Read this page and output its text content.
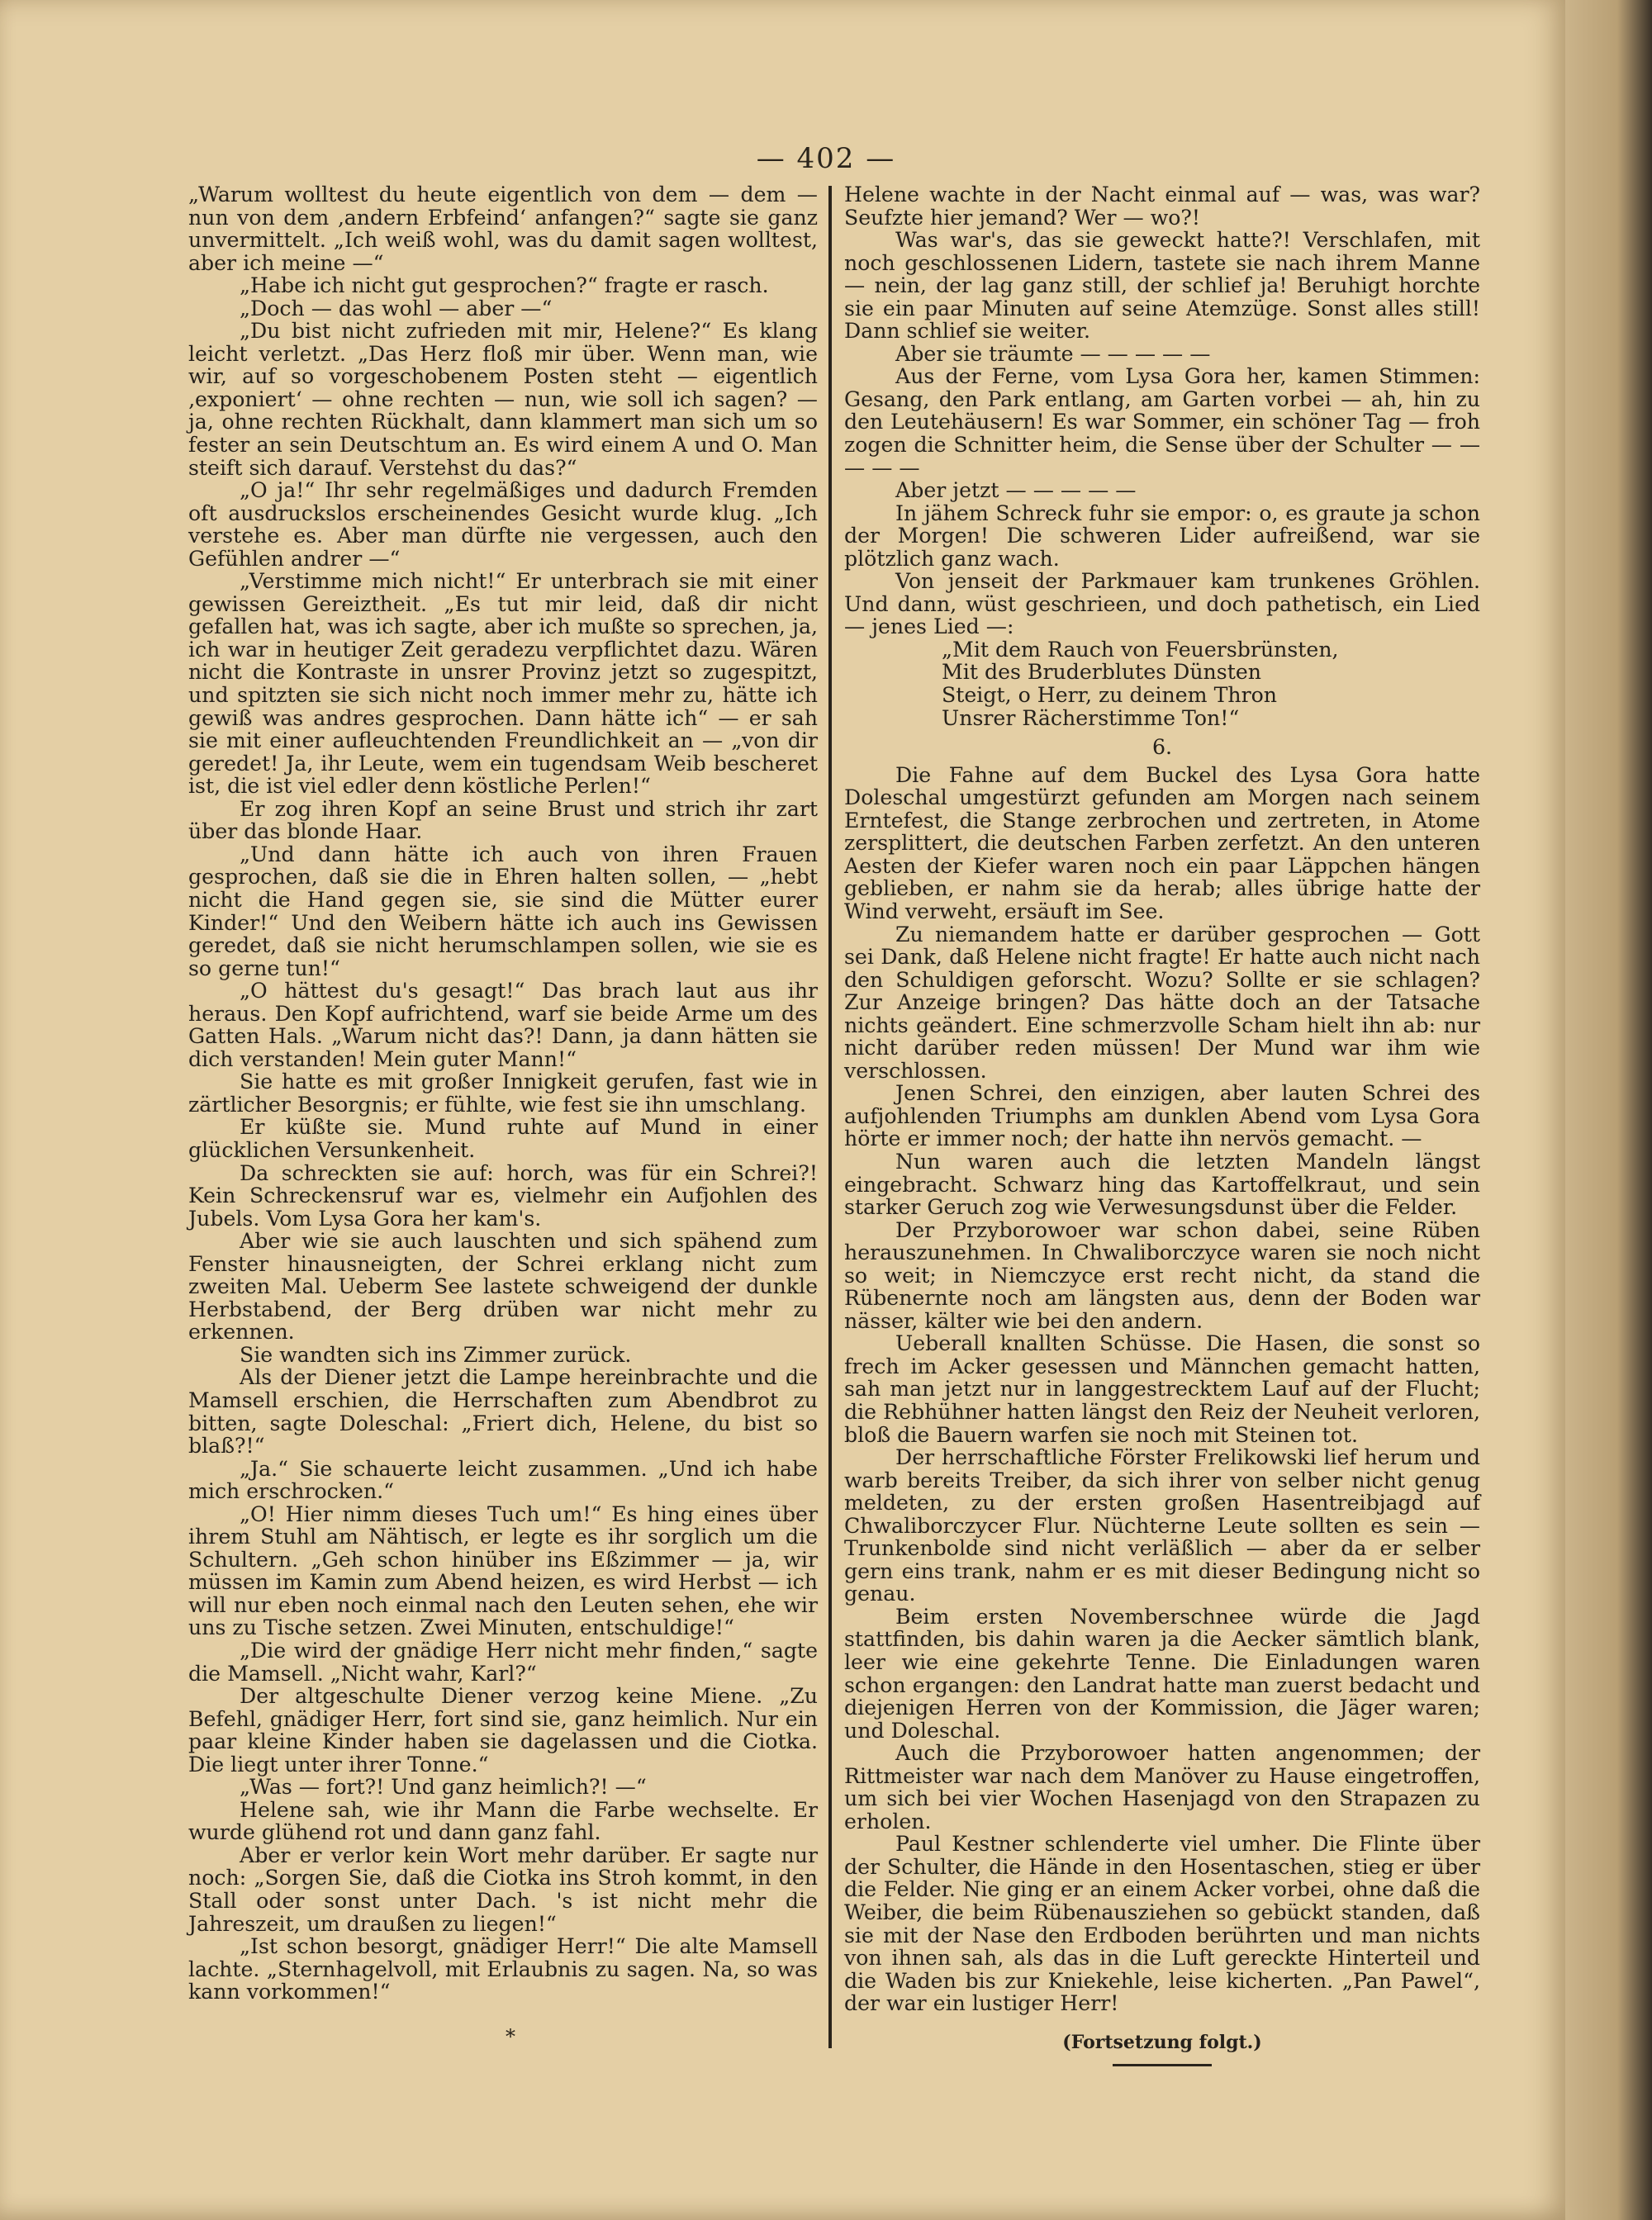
— 402 —

„Warum wolltest du heute eigentlich von dem — dem — nun von dem ‚andern Erbfeind‘ anfangen?“ sagte sie ganz unvermittelt. „Ich weiß wohl, was du damit sagen wolltest, aber ich meine —“

„Habe ich nicht gut gesprochen?“ fragte er rasch.

„Doch — das wohl — aber —“

„Du bist nicht zufrieden mit mir, Helene?“ Es klang leicht verletzt. „Das Herz floß mir über. Wenn man, wie wir, auf so vorgeschobenem Posten steht — eigentlich ‚exponiert‘ — ohne rechten — nun, wie soll ich sagen? — ja, ohne rechten Rückhalt, dann klammert man sich um so fester an sein Deutschtum an. Es wird einem A und O. Man steift sich darauf. Verstehst du das?“

„O ja!“ Ihr sehr regelmäßiges und dadurch Fremden oft ausdruckslos erscheinendes Gesicht wurde klug. „Ich verstehe es. Aber man dürfte nie vergessen, auch den Gefühlen andrer —“

„Verstimme mich nicht!“ Er unterbrach sie mit einer gewissen Gereiztheit. „Es tut mir leid, daß dir nicht gefallen hat, was ich sagte, aber ich mußte so sprechen, ja, ich war in heutiger Zeit geradezu verpflichtet dazu. Wären nicht die Kontraste in unsrer Provinz jetzt so zugespitzt, und spitzten sie sich nicht noch immer mehr zu, hätte ich gewiß was andres gesprochen. Dann hätte ich“ — er sah sie mit einer aufleuchtenden Freundlichkeit an — „von dir geredet! Ja, ihr Leute, wem ein tugendsam Weib bescheret ist, die ist viel edler denn köstliche Perlen!“

Er zog ihren Kopf an seine Brust und strich ihr zart über das blonde Haar.

„Und dann hätte ich auch von ihren Frauen gesprochen, daß sie die in Ehren halten sollen, — „hebt nicht die Hand gegen sie, sie sind die Mütter eurer Kinder!“ Und den Weibern hätte ich auch ins Gewissen geredet, daß sie nicht herumschlampen sollen, wie sie es so gerne tun!“

„O hättest du's gesagt!“ Das brach laut aus ihr heraus. Den Kopf aufrichtend, warf sie beide Arme um des Gatten Hals. „Warum nicht das?! Dann, ja dann hätten sie dich verstanden! Mein guter Mann!“

Sie hatte es mit großer Innigkeit gerufen, fast wie in zärtlicher Besorgnis; er fühlte, wie fest sie ihn umschlang.

Er küßte sie. Mund ruhte auf Mund in einer glücklichen Versunkenheit.

Da schreckten sie auf: horch, was für ein Schrei?! Kein Schreckensruf war es, vielmehr ein Aufjohlen des Jubels. Vom Lysa Gora her kam's.

Aber wie sie auch lauschten und sich spähend zum Fenster hinausneigten, der Schrei erklang nicht zum zweiten Mal. Ueberm See lastete schweigend der dunkle Herbstabend, der Berg drüben war nicht mehr zu erkennen.

Sie wandten sich ins Zimmer zurück.

Als der Diener jetzt die Lampe hereinbrachte und die Mamsell erschien, die Herrschaften zum Abendbrot zu bitten, sagte Doleschal: „Friert dich, Helene, du bist so blaß?!“

„Ja.“ Sie schauerte leicht zusammen. „Und ich habe mich erschrocken.“

„O! Hier nimm dieses Tuch um!“ Es hing eines über ihrem Stuhl am Nähtisch, er legte es ihr sorglich um die Schultern. „Geh schon hinüber ins Eßzimmer — ja, wir müssen im Kamin zum Abend heizen, es wird Herbst — ich will nur eben noch einmal nach den Leuten sehen, ehe wir uns zu Tische setzen. Zwei Minuten, entschuldige!“

„Die wird der gnädige Herr nicht mehr finden,“ sagte die Mamsell. „Nicht wahr, Karl?“

Der altgeschulte Diener verzog keine Miene. „Zu Befehl, gnädiger Herr, fort sind sie, ganz heimlich. Nur ein paar kleine Kinder haben sie dagelassen und die Ciotka. Die liegt unter ihrer Tonne.“

„Was — fort?! Und ganz heimlich?! —“

Helene sah, wie ihr Mann die Farbe wechselte. Er wurde glühend rot und dann ganz fahl.

Aber er verlor kein Wort mehr darüber. Er sagte nur noch: „Sorgen Sie, daß die Ciotka ins Stroh kommt, in den Stall oder sonst unter Dach. 's ist nicht mehr die Jahreszeit, um draußen zu liegen!“

„Ist schon besorgt, gnädiger Herr!“ Die alte Mamsell lachte. „Sternhagelvoll, mit Erlaubnis zu sagen. Na, so was kann vorkommen!“

Helene wachte in der Nacht einmal auf — was, was war? Seufzte hier jemand? Wer — wo?!

Was war's, das sie geweckt hatte?! Verschlafen, mit noch geschlossenen Lidern, tastete sie nach ihrem Manne — nein, der lag ganz still, der schlief ja! Beruhigt horchte sie ein paar Minuten auf seine Atemzüge. Sonst alles still! Dann schlief sie weiter.

Aber sie träumte — — — — —

Aus der Ferne, vom Lysa Gora her, kamen Stimmen: Gesang, den Park entlang, am Garten vorbei — ah, hin zu den Leutehäusern! Es war Sommer, ein schöner Tag — froh zogen die Schnitter heim, die Sense über der Schulter — — — — —

Aber jetzt — — — — —

In jähem Schreck fuhr sie empor: o, es graute ja schon der Morgen! Die schweren Lider aufreißend, war sie plötzlich ganz wach.

Von jenseit der Parkmauer kam trunkenes Gröhlen. Und dann, wüst geschrieen, und doch pathetisch, ein Lied — jenes Lied —:

„Mit dem Rauch von Feuersbrünsten,

Mit des Bruderblutes Dünsten

Steigt, o Herr, zu deinem Thron

Unsrer Rächerstimme Ton!“

6.

Die Fahne auf dem Buckel des Lysa Gora hatte Doleschal umgestürzt gefunden am Morgen nach seinem Erntefest, die Stange zerbrochen und zertreten, in Atome zersplittert, die deutschen Farben zerfetzt. An den unteren Aesten der Kiefer waren noch ein paar Läppchen hängen geblieben, er nahm sie da herab; alles übrige hatte der Wind verweht, ersäuft im See.

Zu niemandem hatte er darüber gesprochen — Gott sei Dank, daß Helene nicht fragte! Er hatte auch nicht nach den Schuldigen geforscht. Wozu? Sollte er sie schlagen? Zur Anzeige bringen? Das hätte doch an der Tatsache nichts geändert. Eine schmerzvolle Scham hielt ihn ab: nur nicht darüber reden müssen! Der Mund war ihm wie verschlossen.

Jenen Schrei, den einzigen, aber lauten Schrei des aufjohlenden Triumphs am dunklen Abend vom Lysa Gora hörte er immer noch; der hatte ihn nervös gemacht. —

Nun waren auch die letzten Mandeln längst eingebracht. Schwarz hing das Kartoffelkraut, und sein starker Geruch zog wie Verwesungsdunst über die Felder.

Der Przyborowoer war schon dabei, seine Rüben herauszunehmen. In Chwaliborczyce waren sie noch nicht so weit; in Niemczyce erst recht nicht, da stand die Rübenernte noch am längsten aus, denn der Boden war nässer, kälter wie bei den andern.

Ueberall knallten Schüsse. Die Hasen, die sonst so frech im Acker gesessen und Männchen gemacht hatten, sah man jetzt nur in langgestrecktem Lauf auf der Flucht; die Rebhühner hatten längst den Reiz der Neuheit verloren, bloß die Bauern warfen sie noch mit Steinen tot.

Der herrschaftliche Förster Frelikowski lief herum und warb bereits Treiber, da sich ihrer von selber nicht genug meldeten, zu der ersten großen Hasentreibjagd auf Chwaliborczycer Flur. Nüchterne Leute sollten es sein — Trunkenbolde sind nicht verläßlich — aber da er selber gern eins trank, nahm er es mit dieser Bedingung nicht so genau.

Beim ersten Novemberschnee würde die Jagd stattfinden, bis dahin waren ja die Aecker sämtlich blank, leer wie eine gekehrte Tenne. Die Einladungen waren schon ergangen: den Landrat hatte man zuerst bedacht und diejenigen Herren von der Kommission, die Jäger waren; und Doleschal.

Auch die Przyborowoer hatten angenommen; der Rittmeister war nach dem Manöver zu Hause eingetroffen, um sich bei vier Wochen Hasenjagd von den Strapazen zu erholen.

Paul Kestner schlenderte viel umher. Die Flinte über der Schulter, die Hände in den Hosentaschen, stieg er über die Felder. Nie ging er an einem Acker vorbei, ohne daß die Weiber, die beim Rübenausziehen so gebückt standen, daß sie mit der Nase den Erdboden berührten und man nichts von ihnen sah, als das in die Luft gereckte Hinterteil und die Waden bis zur Kniekehle, leise kicherten. „Pan Pawel“, der war ein lustiger Herr!

(Fortsetzung folgt.)

*
